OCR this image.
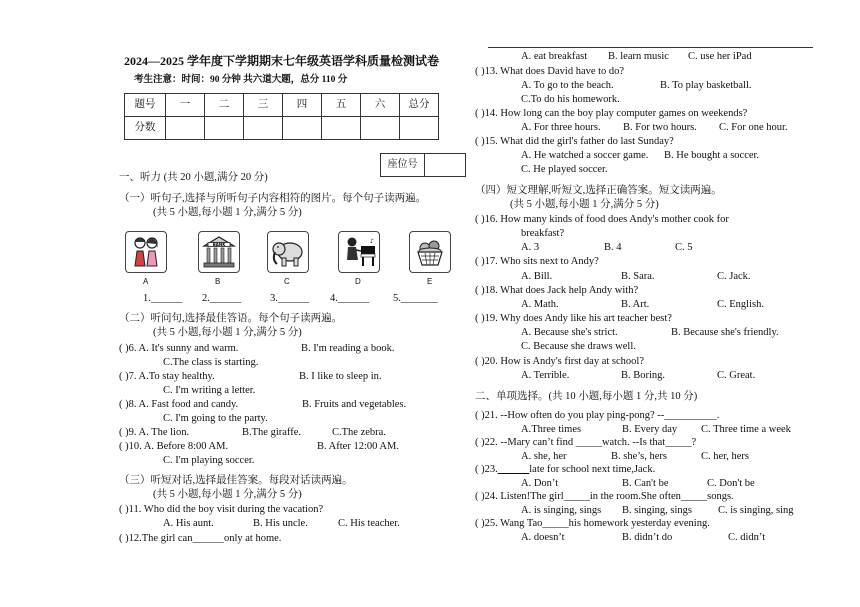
2024—2025 学年度下学期期末七年级英语学科质量检测试卷
考生注意：时间：90 分钟 共六道大题，总分 110 分
题号	一	二	三	四	五	六	总分
分数							
座位号
一、听力 (共 20 小题,满分 20 分)
（一）听句子,选择与所听句子内容相符的图片。每个句子读两遍。
(共 5 小题,每小题 1 分,满分 5 分)
BANK	♪
A	B	C	D	E
1.______ 2.______	3.______ 4.______ 5._______
（二）听问句,选择最佳答语。每个句子读两遍。
(共 5 小题,每小题 1 分,满分 5 分)
( )6. A. It's sunny and warm.	B. I'm reading a book.
C.The class is starting.
( )7. A.To stay healthy.	B. I like to sleep in.
C. I'm writing a letter.
( )8. A. Fast food and candy.	B. Fruits and vegetables.
C. I'm going to the party.
( )9. A. The lion.	B.The giraffe.	C.The zebra.
( )10. A. Before 8:00 AM.	B. After 12:00 AM.
C. I'm playing soccer.
（三）听短对话,选择最佳答案。每段对话读两遍。
(共 5 小题,每小题 1 分,满分 5 分)
( )11. Who did the boy visit during the vacation?
A. His aunt.	B. His uncle.	C. His teacher.
( )12.The girl can______only at home.
A. eat breakfast B. learn music C. use her iPad
( )13. What does David have to do?
A. To go to the beach.	B. To play basketball.
C.To do his homework.
( )14. How long can the boy play computer games on weekends?
A. For three hours. B. For two hours. C. For one hour.
( )15. What did the girl's father do last Sunday?
A. He watched a soccer game. B. He bought a soccer.
C. He played soccer.
（四）短文理解,听短文,选择正确答案。短文读两遍。
(共 5 小题,每小题 1 分,满分 5 分)
( )16. How many kinds of food does Andy's mother cook for
breakfast?
A. 3	B. 4	C. 5
( )17. Who sits next to Andy?
A. Bill.	B. Sara.	C. Jack.
( )18. What does Jack help Andy with?
A. Math.	B. Art.	C. English.
( )19. Why does Andy like his art teacher best?
A. Because she's strict.	B. Because she's friendly.
C. Because she draws well.
( )20. How is Andy's first day at school?
A. Terrible.	B. Boring.	C. Great.
二、单项选择。(共 10 小题,每小题 1 分,共 10 分)
( )21. --How often do you play ping-pong? --__________.
A.Three times	B. Every day C. Three time a week
( )22. --Mary can’t find _____watch. --Is that_____?
A. she, her	B. she’s, hers	C. her, hers
( )23.______late for school next time,Jack.
A. Don’t	B. Can't be	C. Don't be
( )24. Listen!The girl_____in the room.She often_____songs.
A. is singing, sings B. singing, sings C. is singing, sing
( )25. Wang Tao_____his homework yesterday evening.
A. doesn’t	B. didn’t do	C. didn’t
